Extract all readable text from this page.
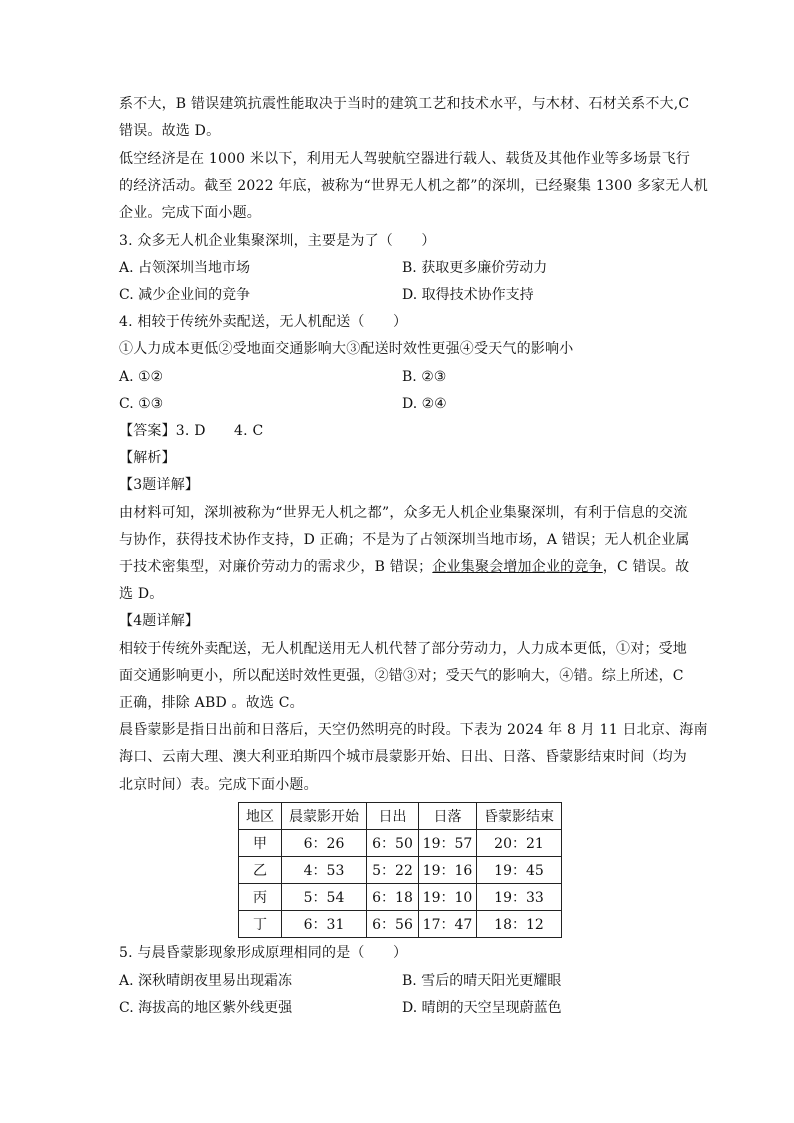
系不大，B 错误建筑抗震性能取决于当时的建筑工艺和技术水平，与木材、石材关系不大,C
错误。故选 D。
低空经济是在 1000 米以下，利用无人驾驶航空器进行载人、载货及其他作业等多场景飞行
的经济活动。截至 2022 年底，被称为“世界无人机之都”的深圳，已经聚集 1300 多家无人机
企业。完成下面小题。
3. 众多无人机企业集聚深圳，主要是为了（　　）
A. 占领深圳当地市场	B. 获取更多廉价劳动力
C. 减少企业间的竞争	D. 取得技术协作支持
4. 相较于传统外卖配送，无人机配送（　　）
①人力成本更低②受地面交通影响大③配送时效性更强④受天气的影响小
A. ①②	B. ②③
C. ①③	D. ②④
【答案】3. D　　4. C
【解析】
【3题详解】
由材料可知，深圳被称为“世界无人机之都”，众多无人机企业集聚深圳，有利于信息的交流
与协作，获得技术协作支持，D 正确；不是为了占领深圳当地市场，A 错误；无人机企业属
于技术密集型，对廉价劳动力的需求少，B 错误；企业集聚会增加企业的竞争，C 错误。故
选 D。
【4题详解】
相较于传统外卖配送，无人机配送用无人机代替了部分劳动力，人力成本更低，①对；受地
面交通影响更小，所以配送时效性更强，②错③对；受天气的影响大，④错。综上所述，C
正确，排除 ABD 。故选 C。
晨昏蒙影是指日出前和日落后，天空仍然明亮的时段。下表为 2024 年 8 月 11 日北京、海南
海口、云南大理、澳大利亚珀斯四个城市晨蒙影开始、日出、日落、昏蒙影结束时间（均为
北京时间）表。完成下面小题。
地区	晨蒙影开始	日出	日落	昏蒙影结束
甲	6：26	6：50	19：57	20：21
乙	4：53	5：22	19：16	19：45
丙	5：54	6：18	19：10	19：33
丁	6：31	6：56	17：47	18：12
5. 与晨昏蒙影现象形成原理相同的是（　　）
A. 深秋晴朗夜里易出现霜冻	B. 雪后的晴天阳光更耀眼
C. 海拔高的地区紫外线更强	D. 晴朗的天空呈现蔚蓝色
